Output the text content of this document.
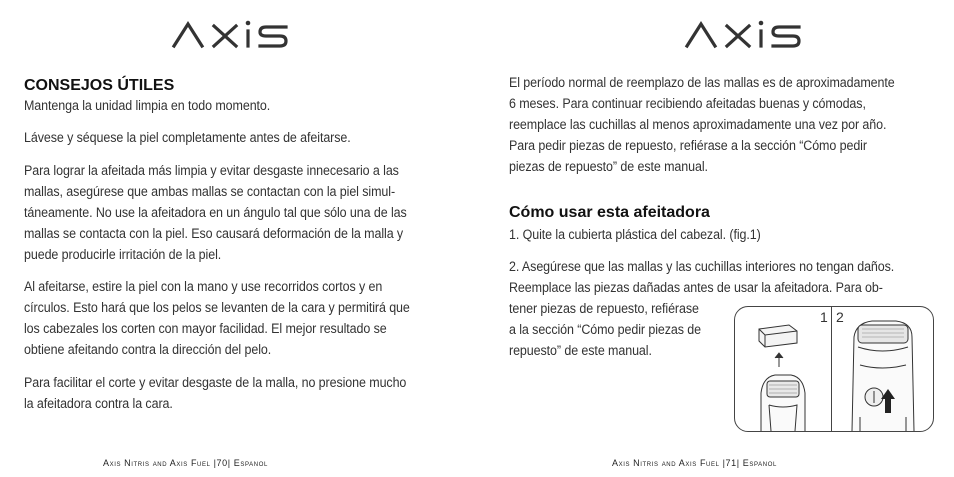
CONSEJOS ÚTILES
Mantenga la unidad limpia en todo momento.
Lávese y séquese la piel completamente antes de afeitarse.
Para lograr la afeitada más limpia y evitar desgaste innecesario a las
mallas, asegúrese que ambas mallas se contactan con la piel simul-
táneamente. No use la afeitadora en un ángulo tal que sólo una de las
mallas se contacta con la piel. Eso causará deformación de la malla y
puede producirle irritación de la piel.
Al afeitarse, estire la piel con la mano y use recorridos cortos y en
círculos. Esto hará que los pelos se levanten de la cara y permitirá que
los cabezales los corten con mayor facilidad. El mejor resultado se
obtiene afeitando contra la dirección del pelo.
Para facilitar el corte y evitar desgaste de la malla, no presione mucho
la afeitadora contra la cara.
Axis Nitris and Axis Fuel |70| Espanol
El período normal de reemplazo de las mallas es de aproximadamente
6 meses. Para continuar recibiendo afeitadas buenas y cómodas,
reemplace las cuchillas al menos aproximadamente una vez por año.
Para pedir piezas de repuesto, refiérase a la sección “Cómo pedir
piezas de repuesto” de este manual.
Cómo usar esta afeitadora
1. Quite la cubierta plástica del cabezal. (fig.1)
2. Asegúrese que las mallas y las cuchillas interiores no tengan daños.
Reemplace las piezas dañadas antes de usar la afeitadora. Para ob-
tener piezas de repuesto, refiérase
a la sección “Cómo pedir piezas de
repuesto” de este manual.
1 2
Axis Nitris and Axis Fuel |71| Espanol
